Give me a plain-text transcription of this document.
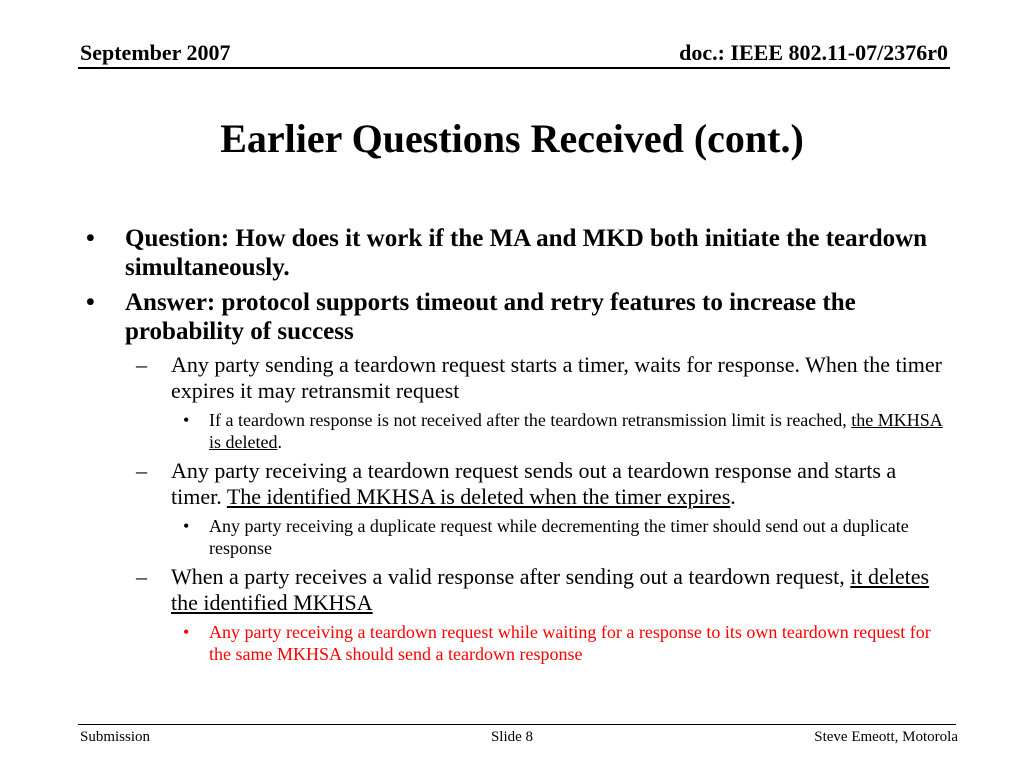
September 2007	doc.: IEEE 802.11-07/2376r0
Earlier Questions Received (cont.)
•	Question: How does it work if the MA and MKD both initiate the teardown simultaneously.
•	Answer: protocol supports timeout and retry features to increase the probability of success
–	Any party sending a teardown request starts a timer, waits for response. When the timer expires it may retransmit request
•	If a teardown response is not received after the teardown retransmission limit is reached, the MKHSA is deleted.
–	Any party receiving a teardown request sends out a teardown response and starts a timer. The identified MKHSA is deleted when the timer expires.
•	Any party receiving a duplicate request while decrementing the timer should send out a duplicate response
–	When a party receives a valid response after sending out a teardown request, it deletes the identified MKHSA
•	Any party receiving a teardown request while waiting for a response to its own teardown request for the same MKHSA should send a teardown response
Submission	Slide 8	Steve Emeott, Motorola
